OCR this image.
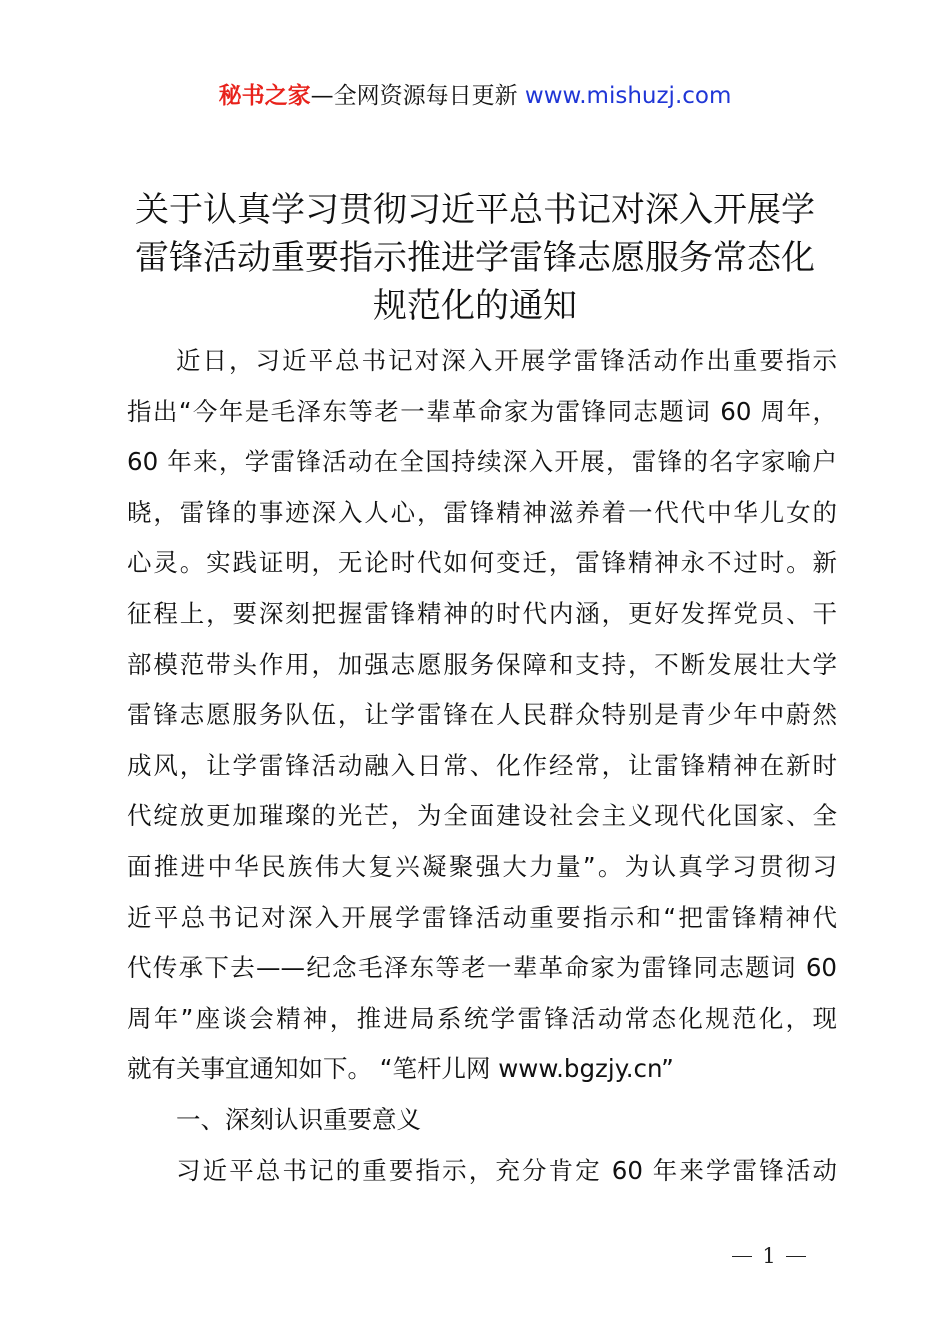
秘书之家—全网资源每日更新 www.mishuzj.com
关于认真学习贯彻习近平总书记对深入开展学
雷锋活动重要指示推进学雷锋志愿服务常态化
规范化的通知
近日，习近平总书记对深入开展学雷锋活动作出重要指示
指出“今年是毛泽东等老一辈革命家为雷锋同志题词 60 周年，
60 年来，学雷锋活动在全国持续深入开展，雷锋的名字家喻户
晓，雷锋的事迹深入人心，雷锋精神滋养着一代代中华儿女的
心灵。实践证明，无论时代如何变迁，雷锋精神永不过时。新
征程上，要深刻把握雷锋精神的时代内涵，更好发挥党员、干
部模范带头作用，加强志愿服务保障和支持，不断发展壮大学
雷锋志愿服务队伍，让学雷锋在人民群众特别是青少年中蔚然
成风，让学雷锋活动融入日常、化作经常，让雷锋精神在新时
代绽放更加璀璨的光芒，为全面建设社会主义现代化国家、全
面推进中华民族伟大复兴凝聚强大力量”。为认真学习贯彻习
近平总书记对深入开展学雷锋活动重要指示和“把雷锋精神代
代传承下去——纪念毛泽东等老一辈革命家为雷锋同志题词 60
周年”座谈会精神，推进局系统学雷锋活动常态化规范化，现
就有关事宜通知如下。 “笔杆儿网 www.bgzjy.cn”
一、深刻认识重要意义
习近平总书记的重要指示，充分肯定 60 年来学雷锋活动
1
